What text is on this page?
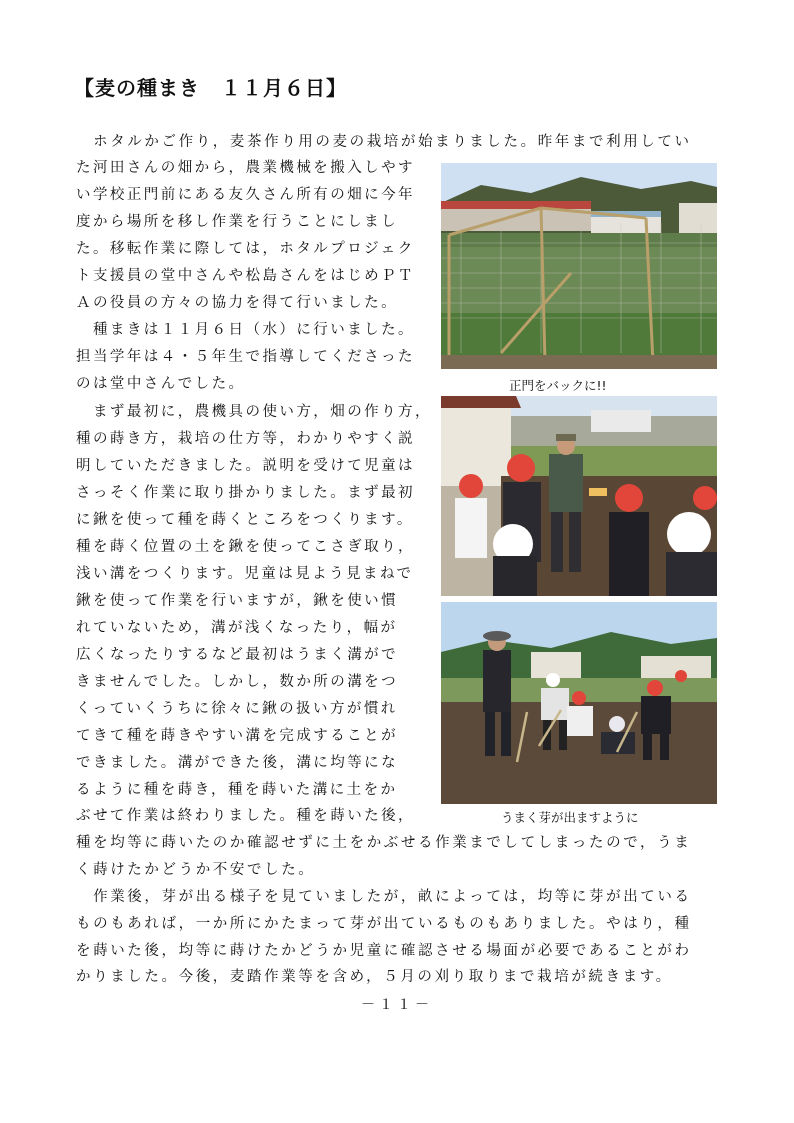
【麦の種まき　１１月６日】
　ホタルかご作り，麦茶作り用の麦の栽培が始まりました。昨年まで利用してい
た河田さんの畑から，農業機械を搬入しやす
い学校正門前にある友久さん所有の畑に今年
度から場所を移し作業を行うことにしまし
た。移転作業に際しては，ホタルプロジェク
ト支援員の堂中さんや松島さんをはじめＰＴ
Ａの役員の方々の協力を得て行いました。
　種まきは１１月６日（水）に行いました。
担当学年は４・５年生で指導してくださった
のは堂中さんでした。
　まず最初に，農機具の使い方，畑の作り方，
種の蒔き方，栽培の仕方等，わかりやすく説
明していただきました。説明を受けて児童は
さっそく作業に取り掛かりました。まず最初
に鍬を使って種を蒔くところをつくります。
種を蒔く位置の土を鍬を使ってこさぎ取り，
浅い溝をつくります。児童は見よう見まねで
鍬を使って作業を行いますが，鍬を使い慣
れていないため，溝が浅くなったり，幅が
広くなったりするなど最初はうまく溝がで
きませんでした。しかし，数か所の溝をつ
くっていくうちに徐々に鍬の扱い方が慣れ
てきて種を蒔きやすい溝を完成することが
できました。溝ができた後，溝に均等にな
るように種を蒔き，種を蒔いた溝に土をか
ぶせて作業は終わりました。種を蒔いた後，
種を均等に蒔いたのか確認せずに土をかぶせる作業までしてしまったので，うま
く蒔けたかどうか不安でした。
　作業後，芽が出る様子を見ていましたが，畝によっては，均等に芽が出ている
ものもあれば，一か所にかたまって芽が出ているものもありました。やはり，種
を蒔いた後，均等に蒔けたかどうか児童に確認させる場面が必要であることがわ
かりました。今後，麦踏作業等を含め，５月の刈り取りまで栽培が続きます。
正門をバックに!!
うまく芽が出ますように
－１１－
